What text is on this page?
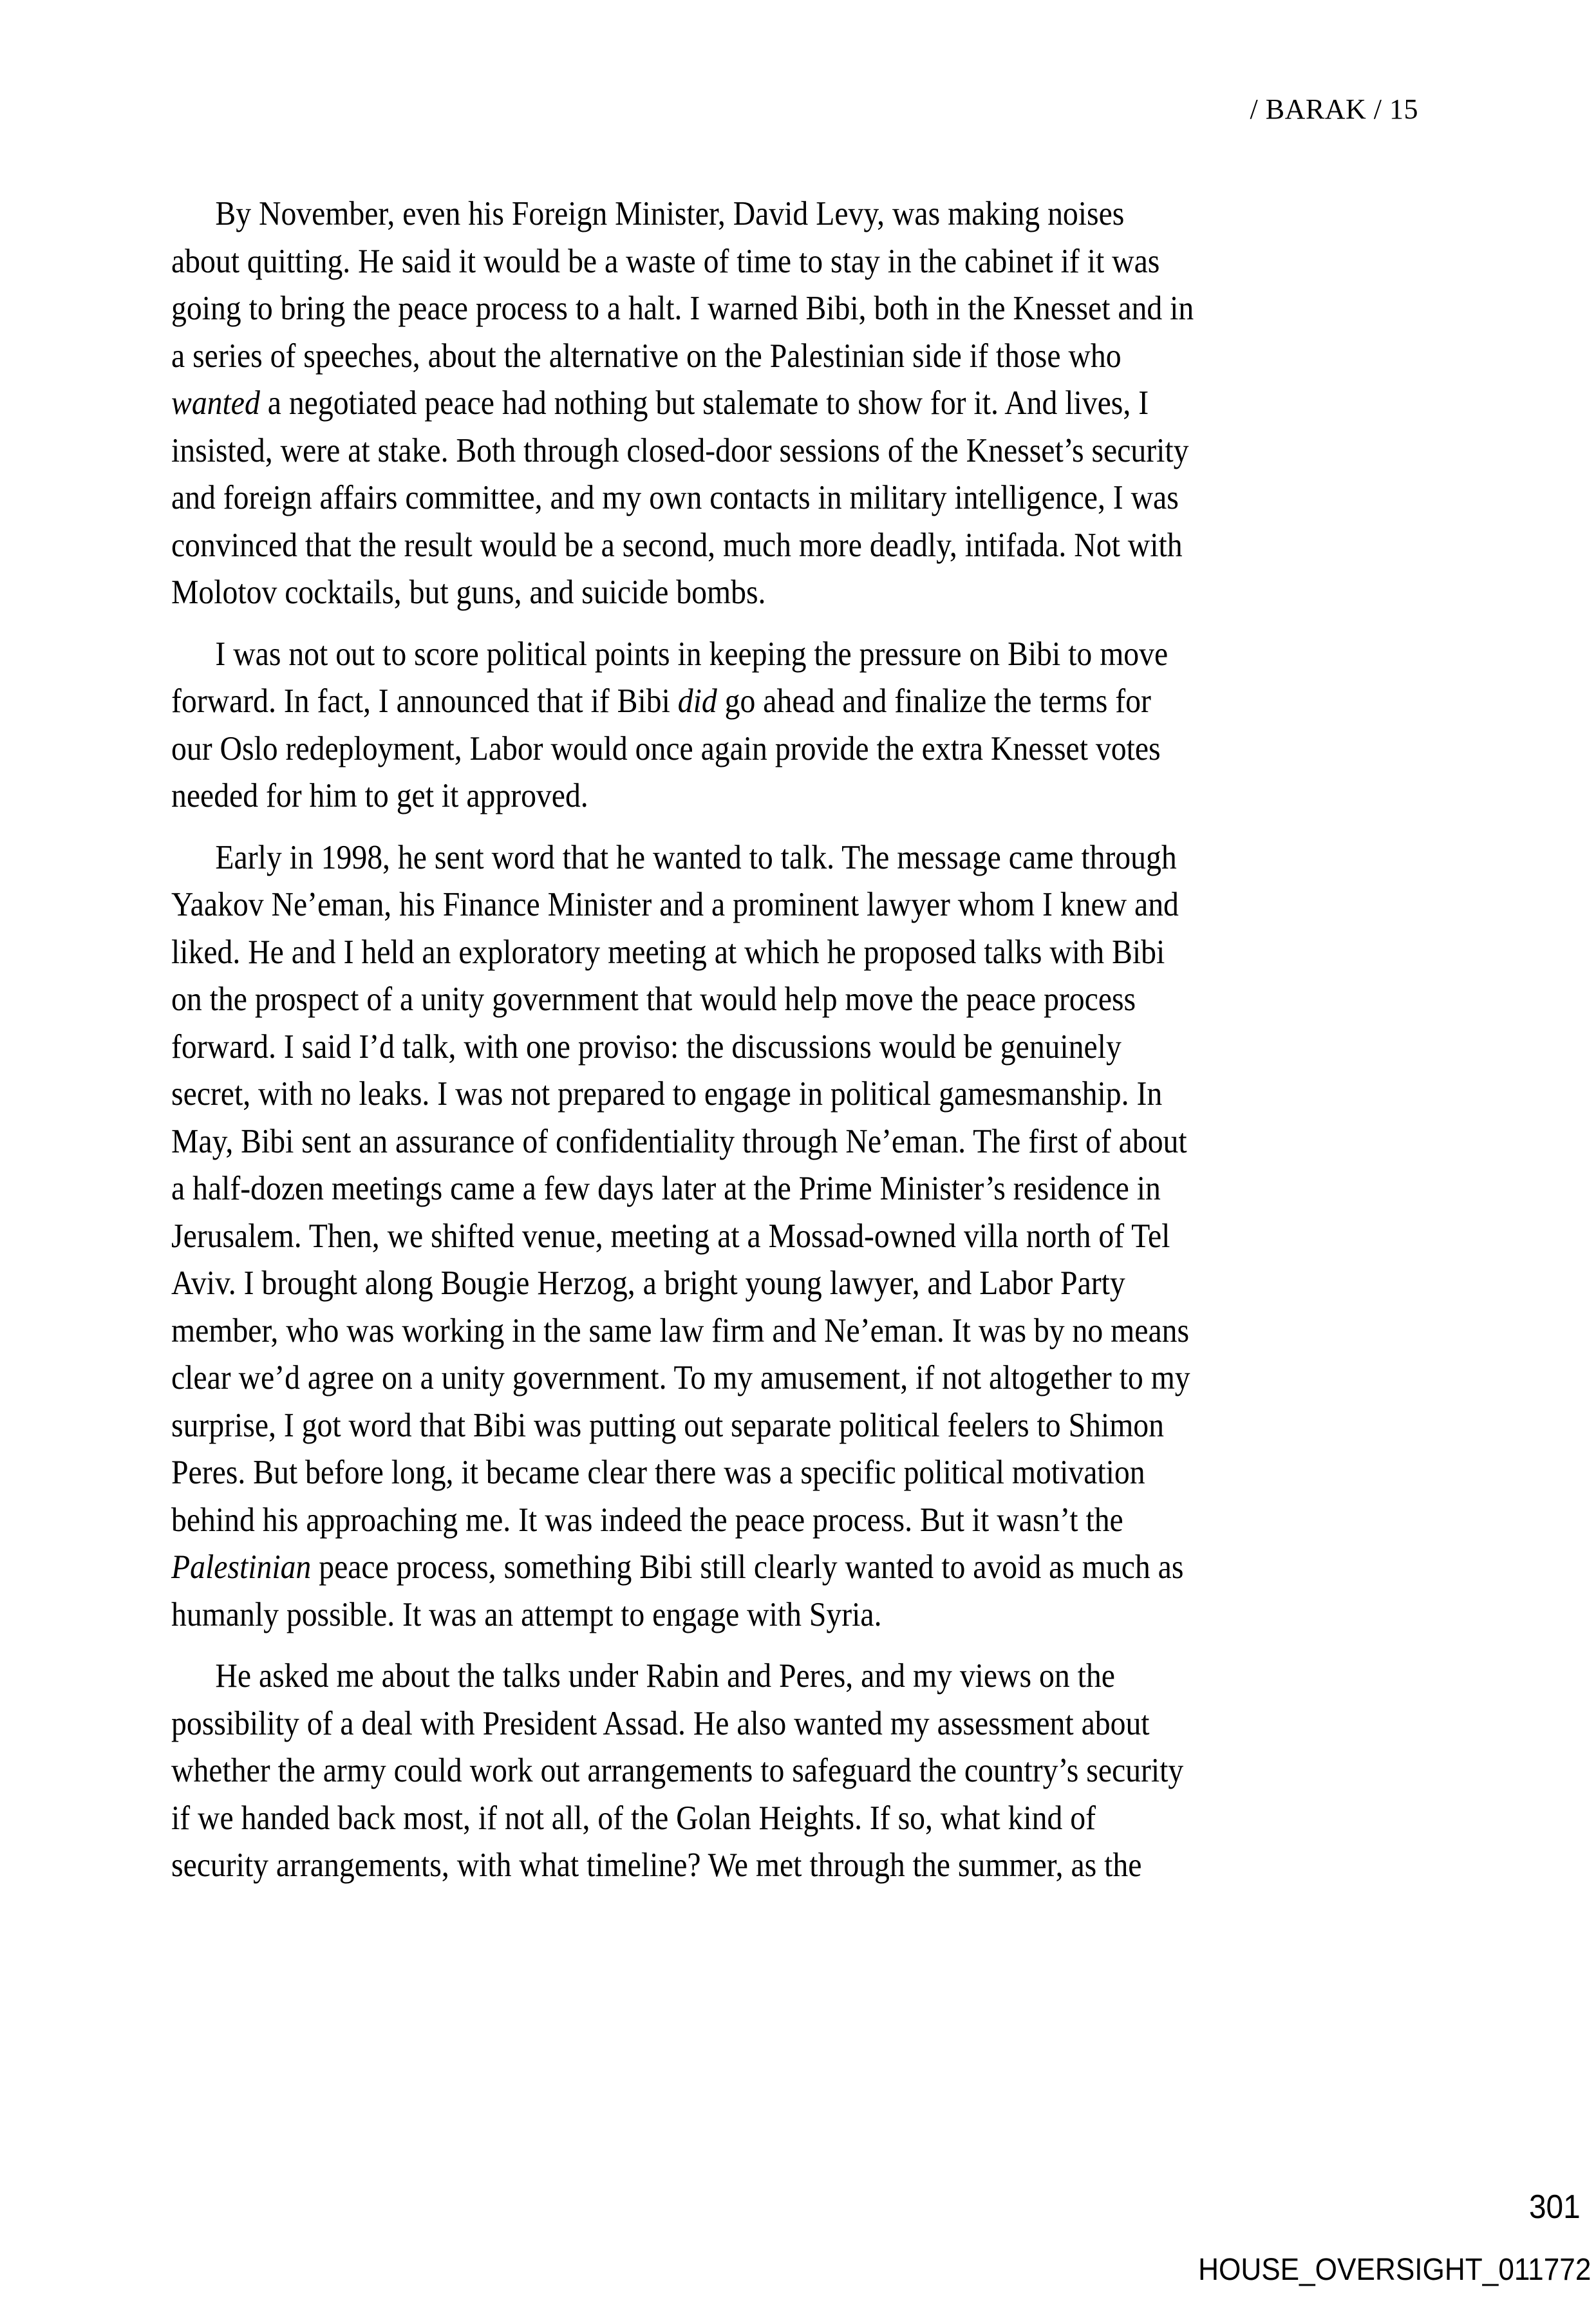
/ BARAK / 15

By November, even his Foreign Minister, David Levy, was making noises
about quitting. He said it would be a waste of time to stay in the cabinet if it was
going to bring the peace process to a halt. I warned Bibi, both in the Knesset and in
a series of speeches, about the alternative on the Palestinian side if those who
wanted a negotiated peace had nothing but stalemate to show for it. And lives, I
insisted, were at stake. Both through closed-door sessions of the Knesset’s security
and foreign affairs committee, and my own contacts in military intelligence, I was
convinced that the result would be a second, much more deadly, intifada. Not with
Molotov cocktails, but guns, and suicide bombs.

I was not out to score political points in keeping the pressure on Bibi to move
forward. In fact, I announced that if Bibi did go ahead and finalize the terms for
our Oslo redeployment, Labor would once again provide the extra Knesset votes
needed for him to get it approved.

Early in 1998, he sent word that he wanted to talk. The message came through
Yaakov Ne’eman, his Finance Minister and a prominent lawyer whom I knew and
liked. He and I held an exploratory meeting at which he proposed talks with Bibi
on the prospect of a unity government that would help move the peace process
forward. I said I’d talk, with one proviso: the discussions would be genuinely
secret, with no leaks. I was not prepared to engage in political gamesmanship. In
May, Bibi sent an assurance of confidentiality through Ne’eman. The first of about
a half-dozen meetings came a few days later at the Prime Minister’s residence in
Jerusalem. Then, we shifted venue, meeting at a Mossad-owned villa north of Tel
Aviv. I brought along Bougie Herzog, a bright young lawyer, and Labor Party
member, who was working in the same law firm and Ne’eman. It was by no means
clear we’d agree on a unity government. To my amusement, if not altogether to my
surprise, I got word that Bibi was putting out separate political feelers to Shimon
Peres. But before long, it became clear there was a specific political motivation
behind his approaching me. It was indeed the peace process. But it wasn’t the
Palestinian peace process, something Bibi still clearly wanted to avoid as much as
humanly possible. It was an attempt to engage with Syria.

He asked me about the talks under Rabin and Peres, and my views on the
possibility of a deal with President Assad. He also wanted my assessment about
whether the army could work out arrangements to safeguard the country’s security
if we handed back most, if not all, of the Golan Heights. If so, what kind of
security arrangements, with what timeline? We met through the summer, as the

301
HOUSE_OVERSIGHT_011772
